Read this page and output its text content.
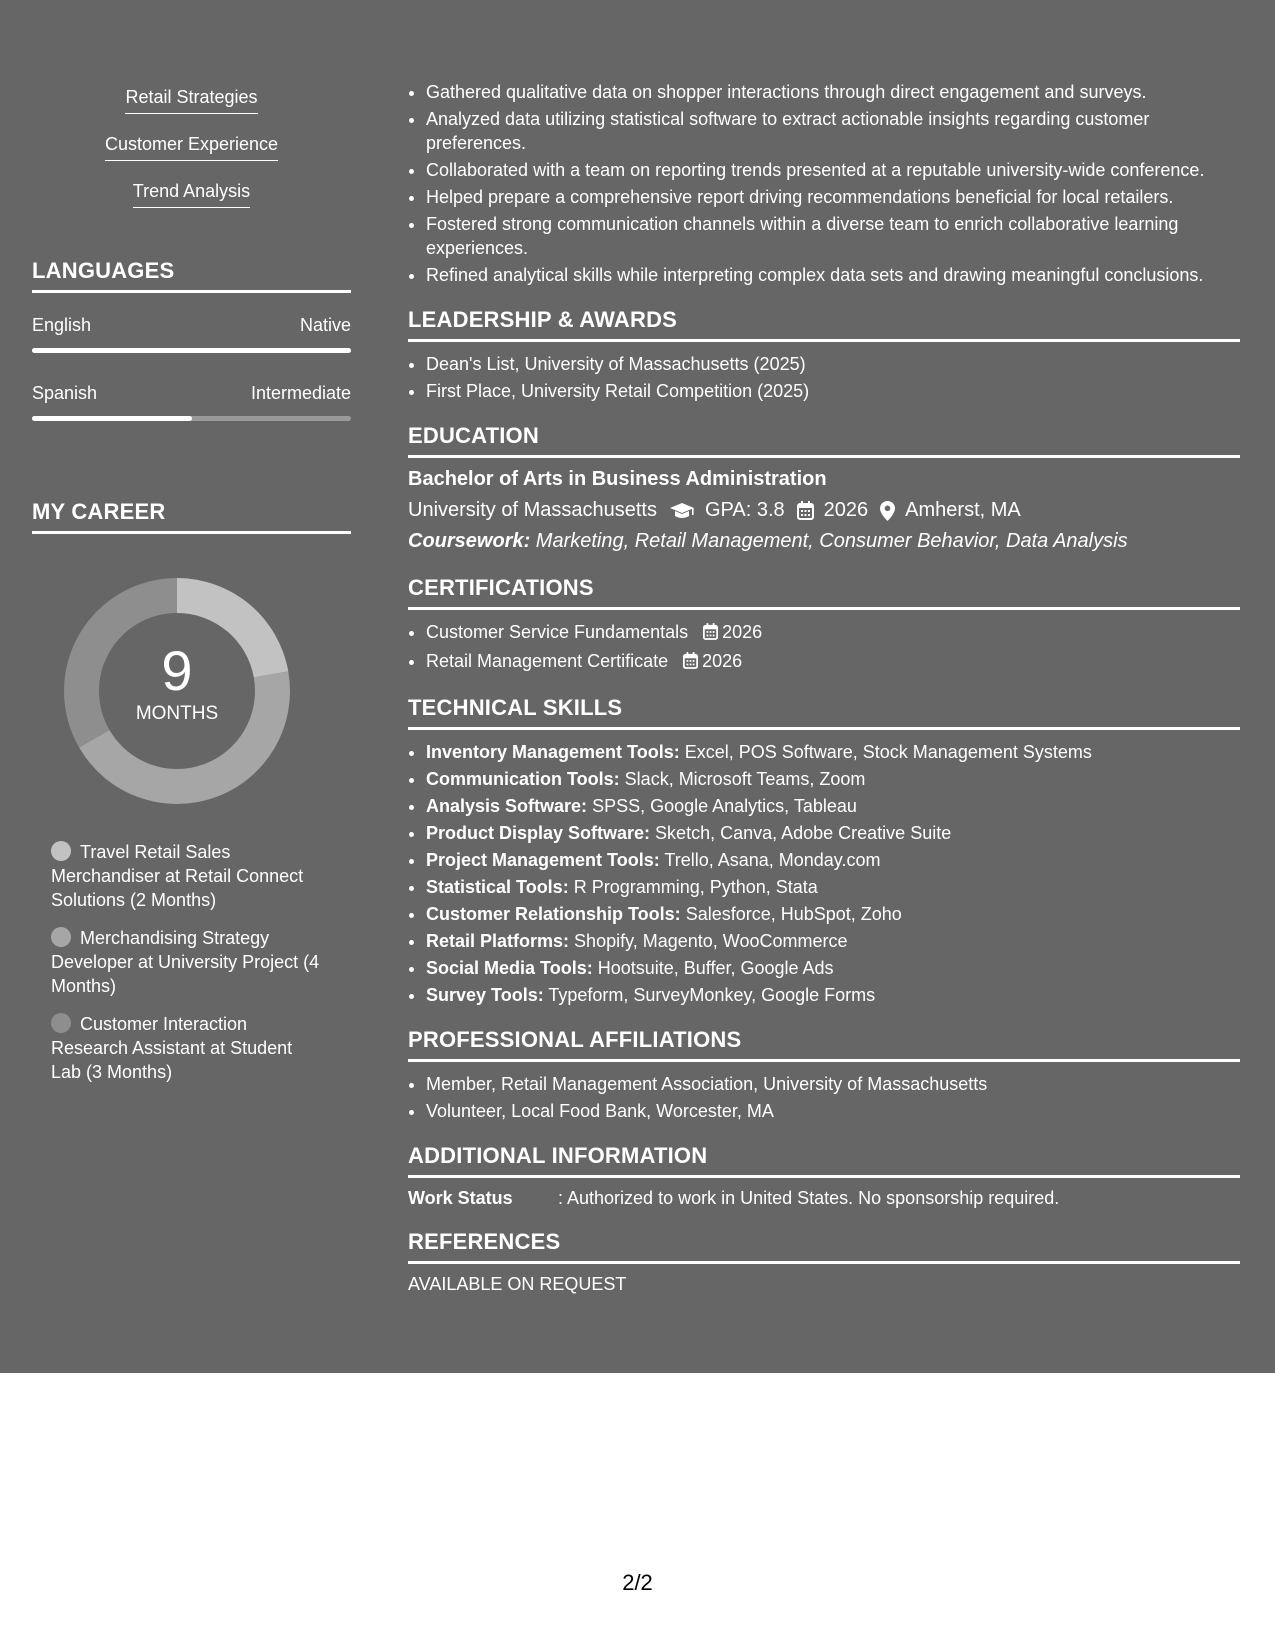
Retail Strategies
Customer Experience
Trend Analysis
LANGUAGES
English	Native
Spanish	Intermediate
MY CAREER
9
MONTHS
Travel Retail Sales Merchandiser at Retail Connect Solutions (2 Months)
Merchandising Strategy Developer at University Project (4 Months)
Customer Interaction Research Assistant at Student Lab (3 Months)
• Gathered qualitative data on shopper interactions through direct engagement and surveys.
• Analyzed data utilizing statistical software to extract actionable insights regarding customer preferences.
• Collaborated with a team on reporting trends presented at a reputable university-wide conference.
• Helped prepare a comprehensive report driving recommendations beneficial for local retailers.
• Fostered strong communication channels within a diverse team to enrich collaborative learning experiences.
• Refined analytical skills while interpreting complex data sets and drawing meaningful conclusions.
LEADERSHIP & AWARDS
• Dean's List, University of Massachusetts (2025)
• First Place, University Retail Competition (2025)
EDUCATION
Bachelor of Arts in Business Administration
University of Massachusetts GPA: 3.8 2026 Amherst, MA
Coursework: Marketing, Retail Management, Consumer Behavior, Data Analysis
CERTIFICATIONS
• Customer Service Fundamentals 2026
• Retail Management Certificate 2026
TECHNICAL SKILLS
• Inventory Management Tools: Excel, POS Software, Stock Management Systems
• Communication Tools: Slack, Microsoft Teams, Zoom
• Analysis Software: SPSS, Google Analytics, Tableau
• Product Display Software: Sketch, Canva, Adobe Creative Suite
• Project Management Tools: Trello, Asana, Monday.com
• Statistical Tools: R Programming, Python, Stata
• Customer Relationship Tools: Salesforce, HubSpot, Zoho
• Retail Platforms: Shopify, Magento, WooCommerce
• Social Media Tools: Hootsuite, Buffer, Google Ads
• Survey Tools: Typeform, SurveyMonkey, Google Forms
PROFESSIONAL AFFILIATIONS
• Member, Retail Management Association, University of Massachusetts
• Volunteer, Local Food Bank, Worcester, MA
ADDITIONAL INFORMATION
Work Status	: Authorized to work in United States. No sponsorship required.
REFERENCES
AVAILABLE ON REQUEST
2/2
